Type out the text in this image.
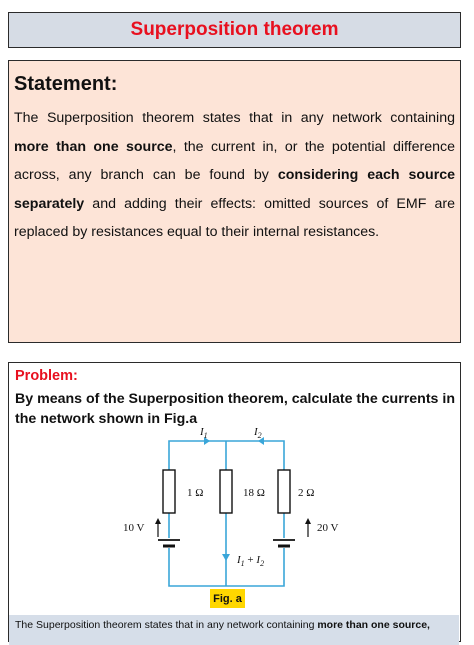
Superposition theorem
Statement:

The Superposition theorem states that in any network containing more than one source, the current in, or the potential difference across, any branch can be found by considering each source separately and adding their effects: omitted sources of EMF are replaced by resistances equal to their internal resistances.

Problem:
By means of the Superposition theorem, calculate the currents in the network shown in Fig.a
$I_1$	$I_2$
1 Ω	18 Ω	2 Ω
10 V	20 V
$I_1 + I_2$
Fig. a
The Superposition theorem states that in any network containing more than one source,
